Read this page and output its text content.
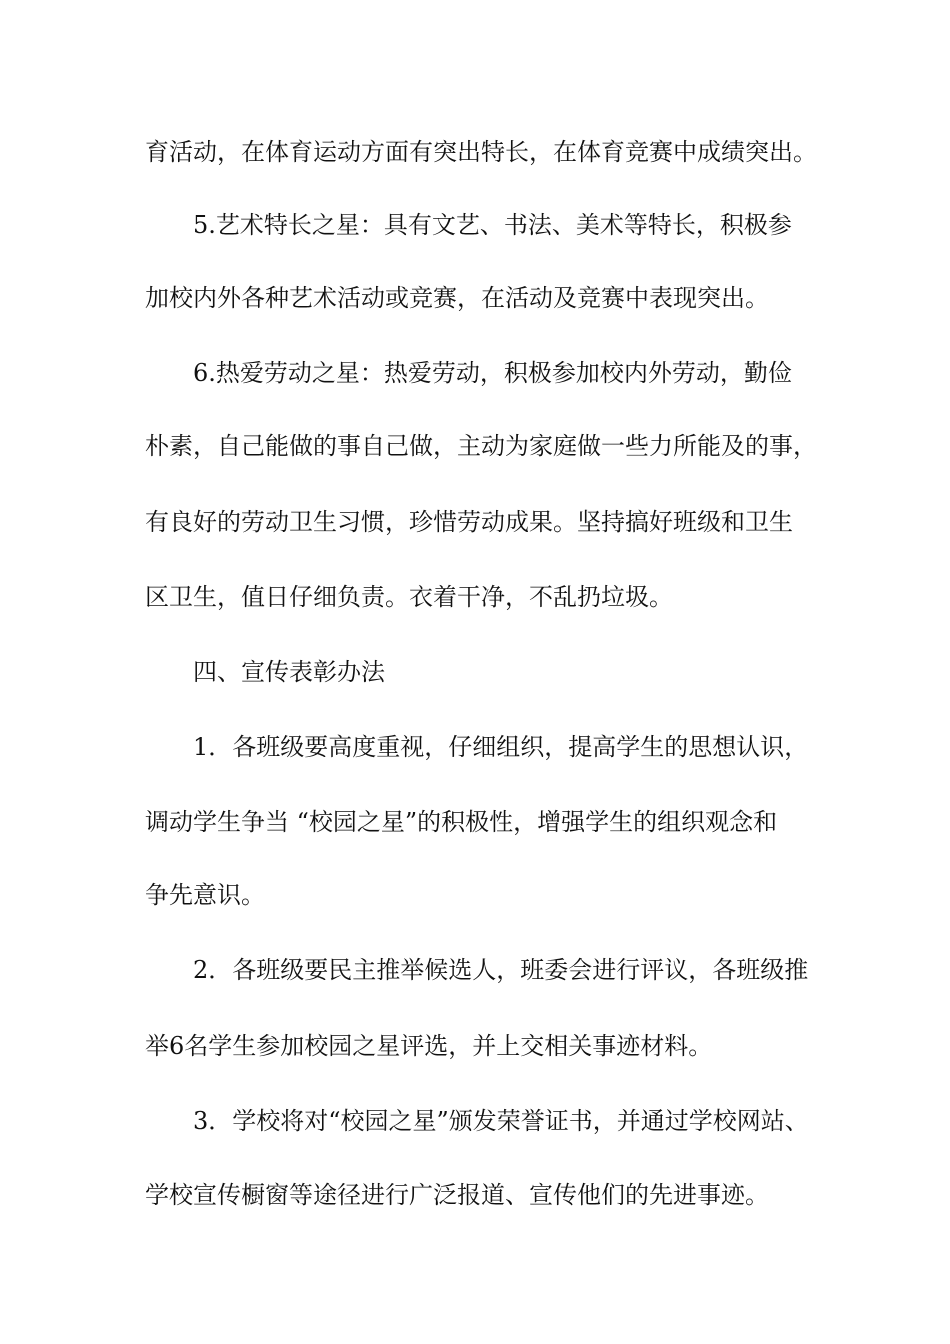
育活动，在体育运动方面有突出特长，在体育竞赛中成绩突出。
5.艺术特长之星：具有文艺、书法、美术等特长，积极参
加校内外各种艺术活动或竞赛，在活动及竞赛中表现突出。
6.热爱劳动之星：热爱劳动，积极参加校内外劳动，勤俭
朴素，自己能做的事自己做，主动为家庭做一些力所能及的事，
有良好的劳动卫生习惯，珍惜劳动成果。坚持搞好班级和卫生
区卫生，值日仔细负责。衣着干净，不乱扔垃圾。
四、宣传表彰办法
1．各班级要高度重视，仔细组织，提高学生的思想认识，
调动学生争当 “校园之星”的积极性，增强学生的组织观念和
争先意识。
2．各班级要民主推举候选人，班委会进行评议，各班级推
举6名学生参加校园之星评选，并上交相关事迹材料。
3．学校将对“校园之星”颁发荣誉证书，并通过学校网站、
学校宣传橱窗等途径进行广泛报道、宣传他们的先进事迹。
